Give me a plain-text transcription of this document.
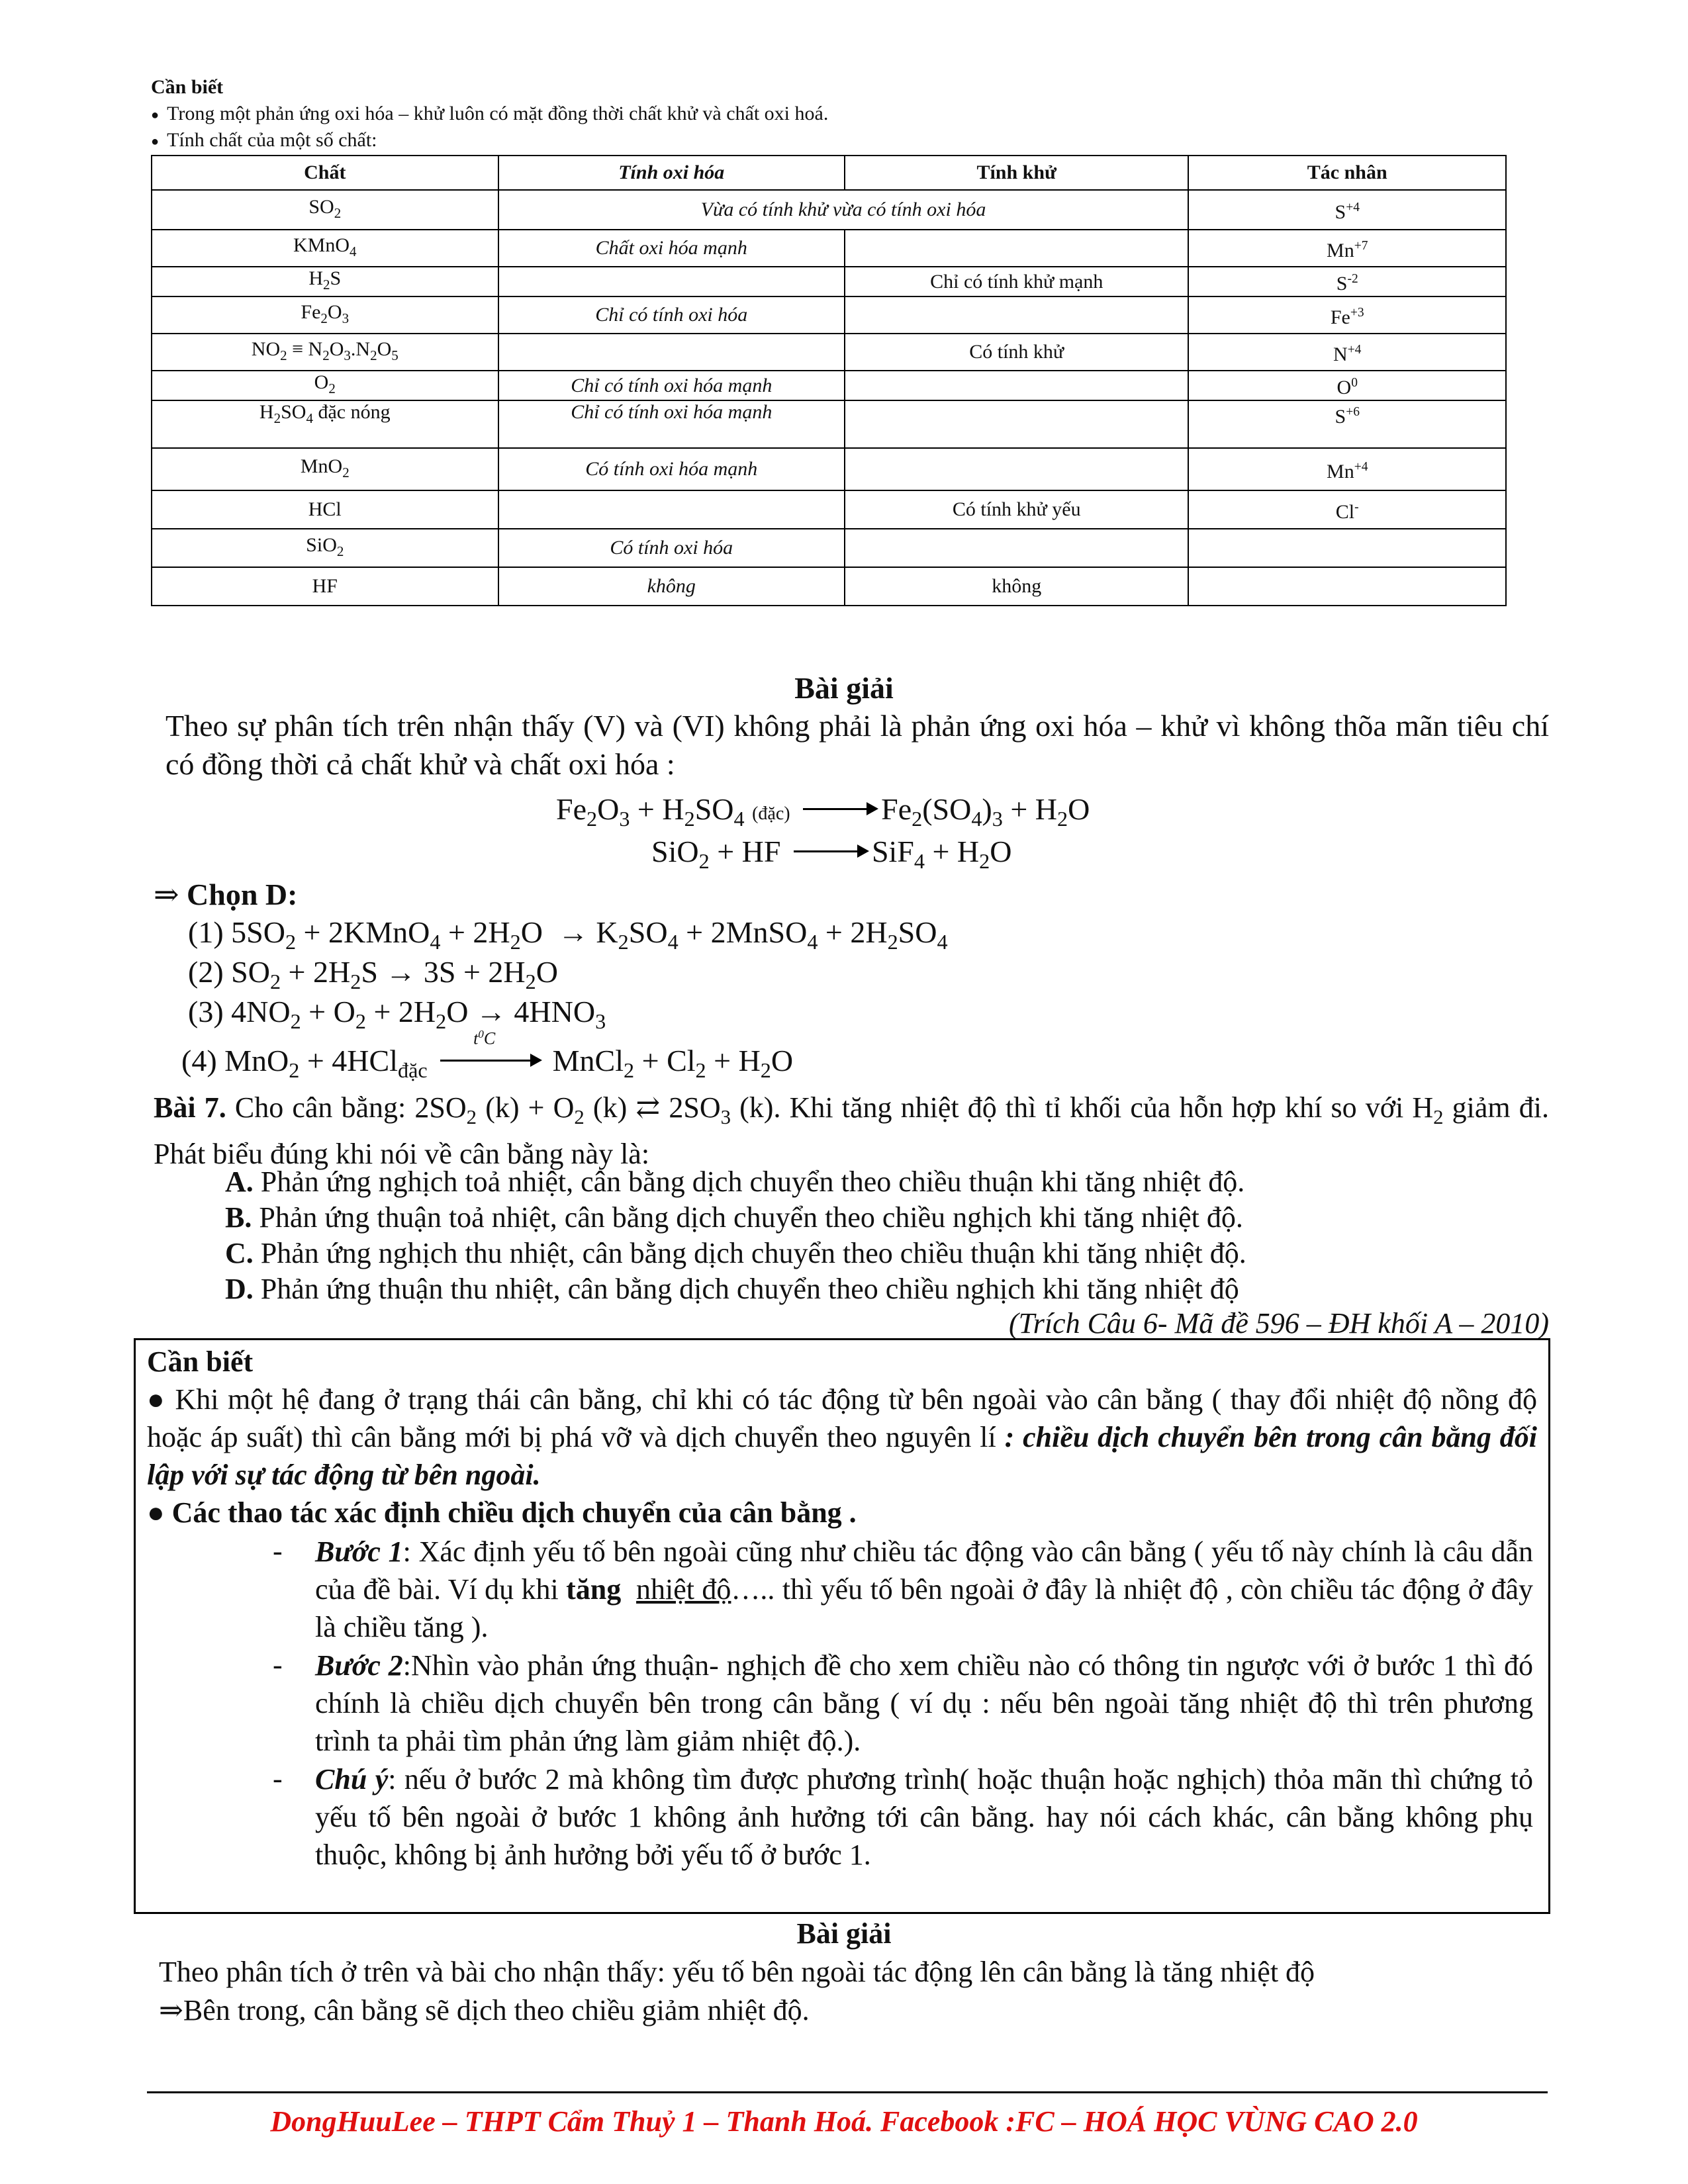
Cần biết
● Trong một phản ứng oxi hóa – khử luôn có mặt đồng thời chất khử và chất oxi hoá.
● Tính chất của một số chất:
Chất	Tính oxi hóa	Tính khử	Tác nhân
$SO_2$	Vừa có tính khử vừa có tính oxi hóa		$S^{+4}$
KMnO$_4$	Chất oxi hóa mạnh		$Mn^{+7}$
$H_2S$		Chỉ có tính khử mạnh	$S^{-2}$
$Fe_2O_3$	Chỉ có tính oxi hóa		$Fe^{+3}$
$NO_2 \equiv N_2O_3.N_2O_5$		Có tính khử	$N^{+4}$
$O_2$	Chỉ có tính oxi hóa mạnh		$O^0$
$H_2SO_4$ đặc nóng	Chỉ có tính oxi hóa mạnh		$S^{+6}$
MnO$_2$	Có tính oxi hóa mạnh		$Mn^{+4}$
HCl		Có tính khử yếu	Cl-
SiO$_2$	Có tính oxi hóa		
HF	không	không	
Bài giải
Theo sự phân tích trên nhận thấy (V) và (VI) không phải là phản ứng oxi hóa – khử vì không thõa mãn tiêu chí có đồng thời cả chất khử và chất oxi hóa :
$Fe_2O_3 + H_2SO_4$ (đặc)	$Fe_2(SO_4)_3 + H_2O$
SiO$_2$ + HF	$SiF_4 + H_2O$
⇒ Chọn D:
(1) $5SO_2$ + 2KMnO$_4$ + $2H_2O \to K_2SO_4$ + 2MnSO$_4$ + $2H_2SO_4$
(2) $SO_2 + 2H_2S \to 3S + 2H_2O$
(3) $4NO_2 + O_2 + 2H_2O \to 4HNO_3$
(4) MnO$_2$ + 4HCl$_{đặc}$
$t^0C$
MnCl$_2$ + $Cl_2 + H_2O$
Bài 7. Cho cân bằng: $2SO_2$ $(k) + O_2$ (k) ⇄ $2SO_3$ (k). Khi tăng nhiệt độ thì tỉ khối của hỗn hợp khí so với $H_2$ giảm đi. Phát biểu đúng khi nói về cân bằng này là:
A. Phản ứng nghịch toả nhiệt, cân bằng dịch chuyển theo chiều thuận khi tăng nhiệt độ.
B. Phản ứng thuận toả nhiệt, cân bằng dịch chuyển theo chiều nghịch khi tăng nhiệt độ.
C. Phản ứng nghịch thu nhiệt, cân bằng dịch chuyển theo chiều thuận khi tăng nhiệt độ.
D. Phản ứng thuận thu nhiệt, cân bằng dịch chuyển theo chiều nghịch khi tăng nhiệt độ
(Trích Câu 6- Mã đề 596 – ĐH khối A – 2010)
Cần biết
● Khi một hệ đang ở trạng thái cân bằng, chỉ khi có tác động từ bên ngoài vào cân bằng ( thay đổi nhiệt độ nồng độ hoặc áp suất) thì cân bằng mới bị phá vỡ và dịch chuyển theo nguyên lí : chiều dịch chuyển bên trong cân bằng đối lập với sự tác động từ bên ngoài.
● Các thao tác xác định chiều dịch chuyển của cân bằng .
- Bước 1: Xác định yếu tố bên ngoài cũng như chiều tác động vào cân bằng ( yếu tố này chính là câu dẫn của đề bài. Ví dụ khi tăng nhiệt độ….. thì yếu tố bên ngoài ở đây là nhiệt độ , còn chiều tác động ở đây là chiều tăng ).
- Bước 2:Nhìn vào phản ứng thuận- nghịch đề cho xem chiều nào có thông tin ngược với ở bước 1 thì đó chính là chiều dịch chuyển bên trong cân bằng ( ví dụ : nếu bên ngoài tăng nhiệt độ thì trên phương trình ta phải tìm phản ứng làm giảm nhiệt độ.).
- Chú ý: nếu ở bước 2 mà không tìm được phương trình( hoặc thuận hoặc nghịch) thỏa mãn thì chứng tỏ yếu tố bên ngoài ở bước 1 không ảnh hưởng tới cân bằng. hay nói cách khác, cân bằng không phụ thuộc, không bị ảnh hưởng bởi yếu tố ở bước 1.
Bài giải
Theo phân tích ở trên và bài cho nhận thấy: yếu tố bên ngoài tác động lên cân bằng là tăng nhiệt độ
⇒Bên trong, cân bằng sẽ dịch theo chiều giảm nhiệt độ.
DongHuuLee – THPT Cẩm Thuỷ 1 – Thanh Hoá. Facebook :FC – HOÁ HỌC VÙNG CAO 2.0
